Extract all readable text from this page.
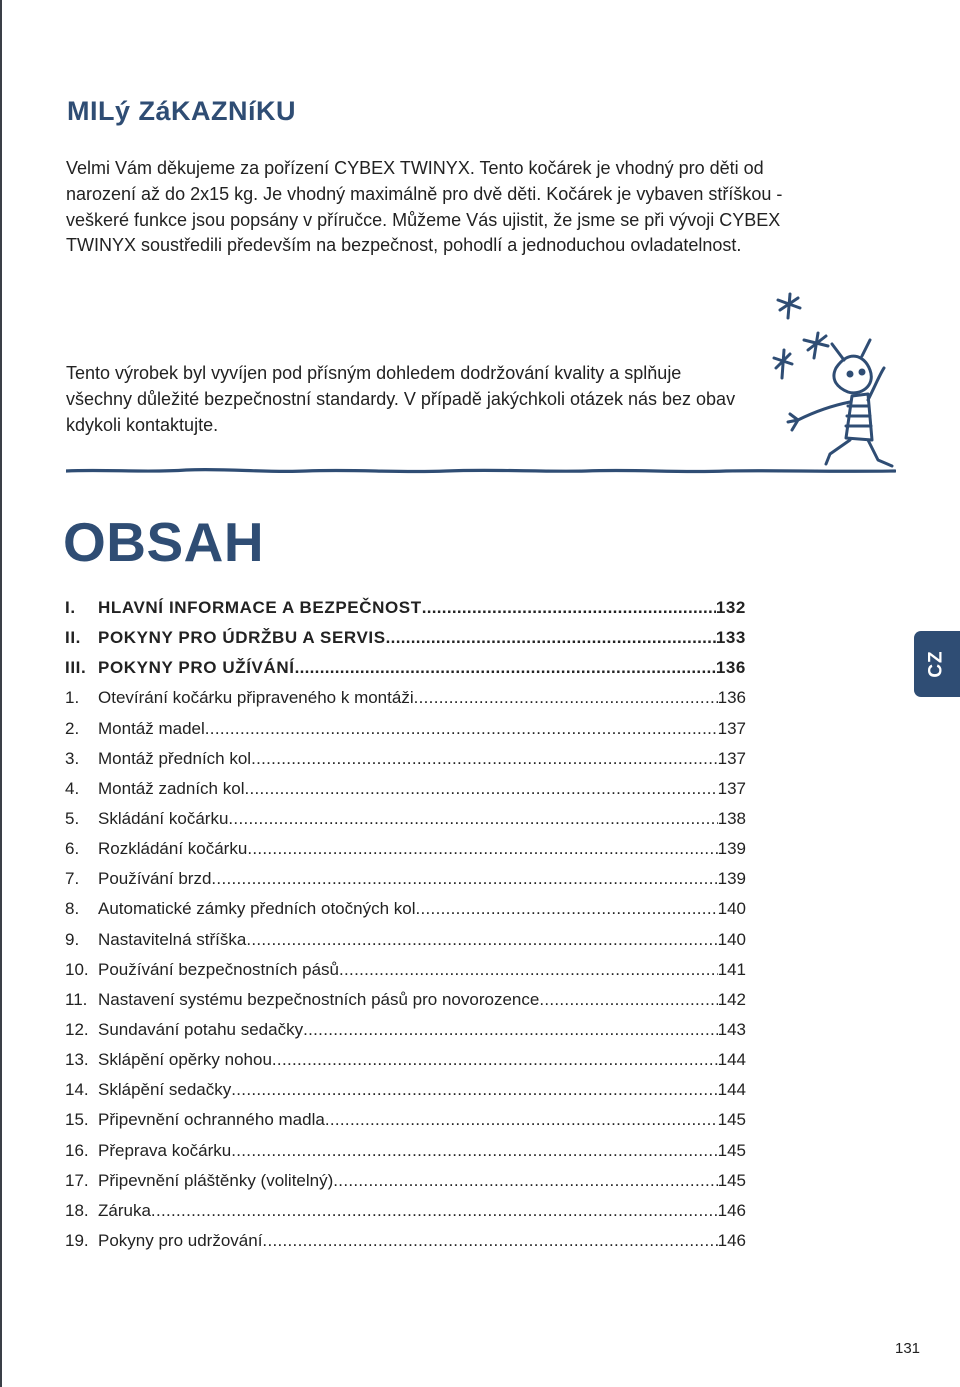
MILý ZáKAZNíKU

Velmi Vám děkujeme za pořízení CYBEX TWINYX. Tento kočárek je vhodný pro děti od narození až do 2x15 kg. Je vhodný maximálně pro dvě děti. Kočárek je vybaven stříškou - veškeré funkce jsou popsány v příručce. Můžeme Vás ujistit, že jsme se při vývoji CYBEX TWINYX soustředili především na bezpečnost, pohodlí a jednoduchou ovladatelnost.

Tento výrobek byl vyvíjen pod přísným dohledem dodržování kvality a splňuje všechny důležité bezpečnostní standardy. V případě jakýchkoli otázek nás bez obav kdykoli kontaktujte.

OBSAH
I.	HLAVNÍ INFORMACE A BEZPEČNOST .....	132
II.	POKYNY PRO ÚDRŽBU A SERVIS .....	133
III. POKYNY PRO UŽÍVÁNÍ .....	136
1.	Otevírání kočárku připraveného k montáži .....	136
2.	Montáž madel .....	137
3.	Montáž předních kol .....	137
4.	Montáž zadních kol .....	137
5.	Skládání kočárku .....	138
6.	Rozkládání kočárku .....	139
7.	Používání brzd .....	139
8.	Automatické zámky předních otočných kol .....	140
9.	Nastavitelná stříška .....	140
10. Používání bezpečnostních pásů .....	141
11. Nastavení systému bezpečnostních pásů pro novorozence .....	142
12. Sundavání potahu sedačky .....	143
13. Sklápění opěrky nohou .....	144
14. Sklápění sedačky .....	144
15. Připevnění ochranného madla .....	145
16. Přeprava kočárku .....	145
17. Připevnění pláštěnky (volitelný) .....	145
18. Záruka .....	146
19. Pokyny pro udržování .....	146
CZ
131
